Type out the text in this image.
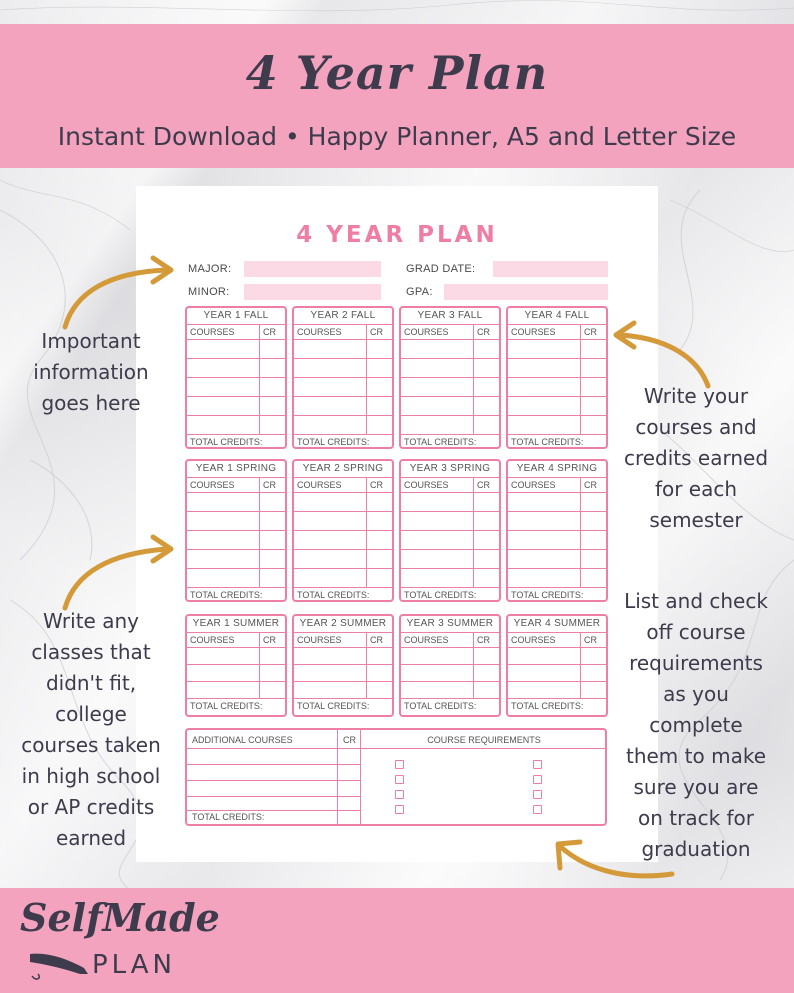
4 Year Plan
Instant Download • Happy Planner, A5 and Letter Size
4 YEAR PLAN
MAJOR:	GRAD DATE:
MINOR:	GPA:
YEAR 1 FALL
COURSES	CR
TOTAL CREDITS:
YEAR 2 FALL
COURSES	CR
TOTAL CREDITS:
YEAR 3 FALL
COURSES	CR
TOTAL CREDITS:
YEAR 4 FALL
COURSES	CR
TOTAL CREDITS:
YEAR 1 SPRING
COURSES	CR
TOTAL CREDITS:
YEAR 2 SPRING
COURSES	CR
TOTAL CREDITS:
YEAR 3 SPRING
COURSES	CR
TOTAL CREDITS:
YEAR 4 SPRING
COURSES	CR
TOTAL CREDITS:
YEAR 1 SUMMER
COURSES	CR
TOTAL CREDITS:
YEAR 2 SUMMER
COURSES	CR
TOTAL CREDITS:
YEAR 3 SUMMER
COURSES	CR
TOTAL CREDITS:
YEAR 4 SUMMER
COURSES	CR
TOTAL CREDITS:
ADDITIONAL COURSES	CR	COURSE REQUIREMENTS
TOTAL CREDITS:
Important
information
goes here	Write your
courses and
credits earned
for each
semester
Write any
classes that
didn't fit,
college
courses taken
in high school
or AP credits
earned
List and check
off course
requirements
as you
complete
them to make
sure you are
on track for
graduation
SelfMade
PLAN
